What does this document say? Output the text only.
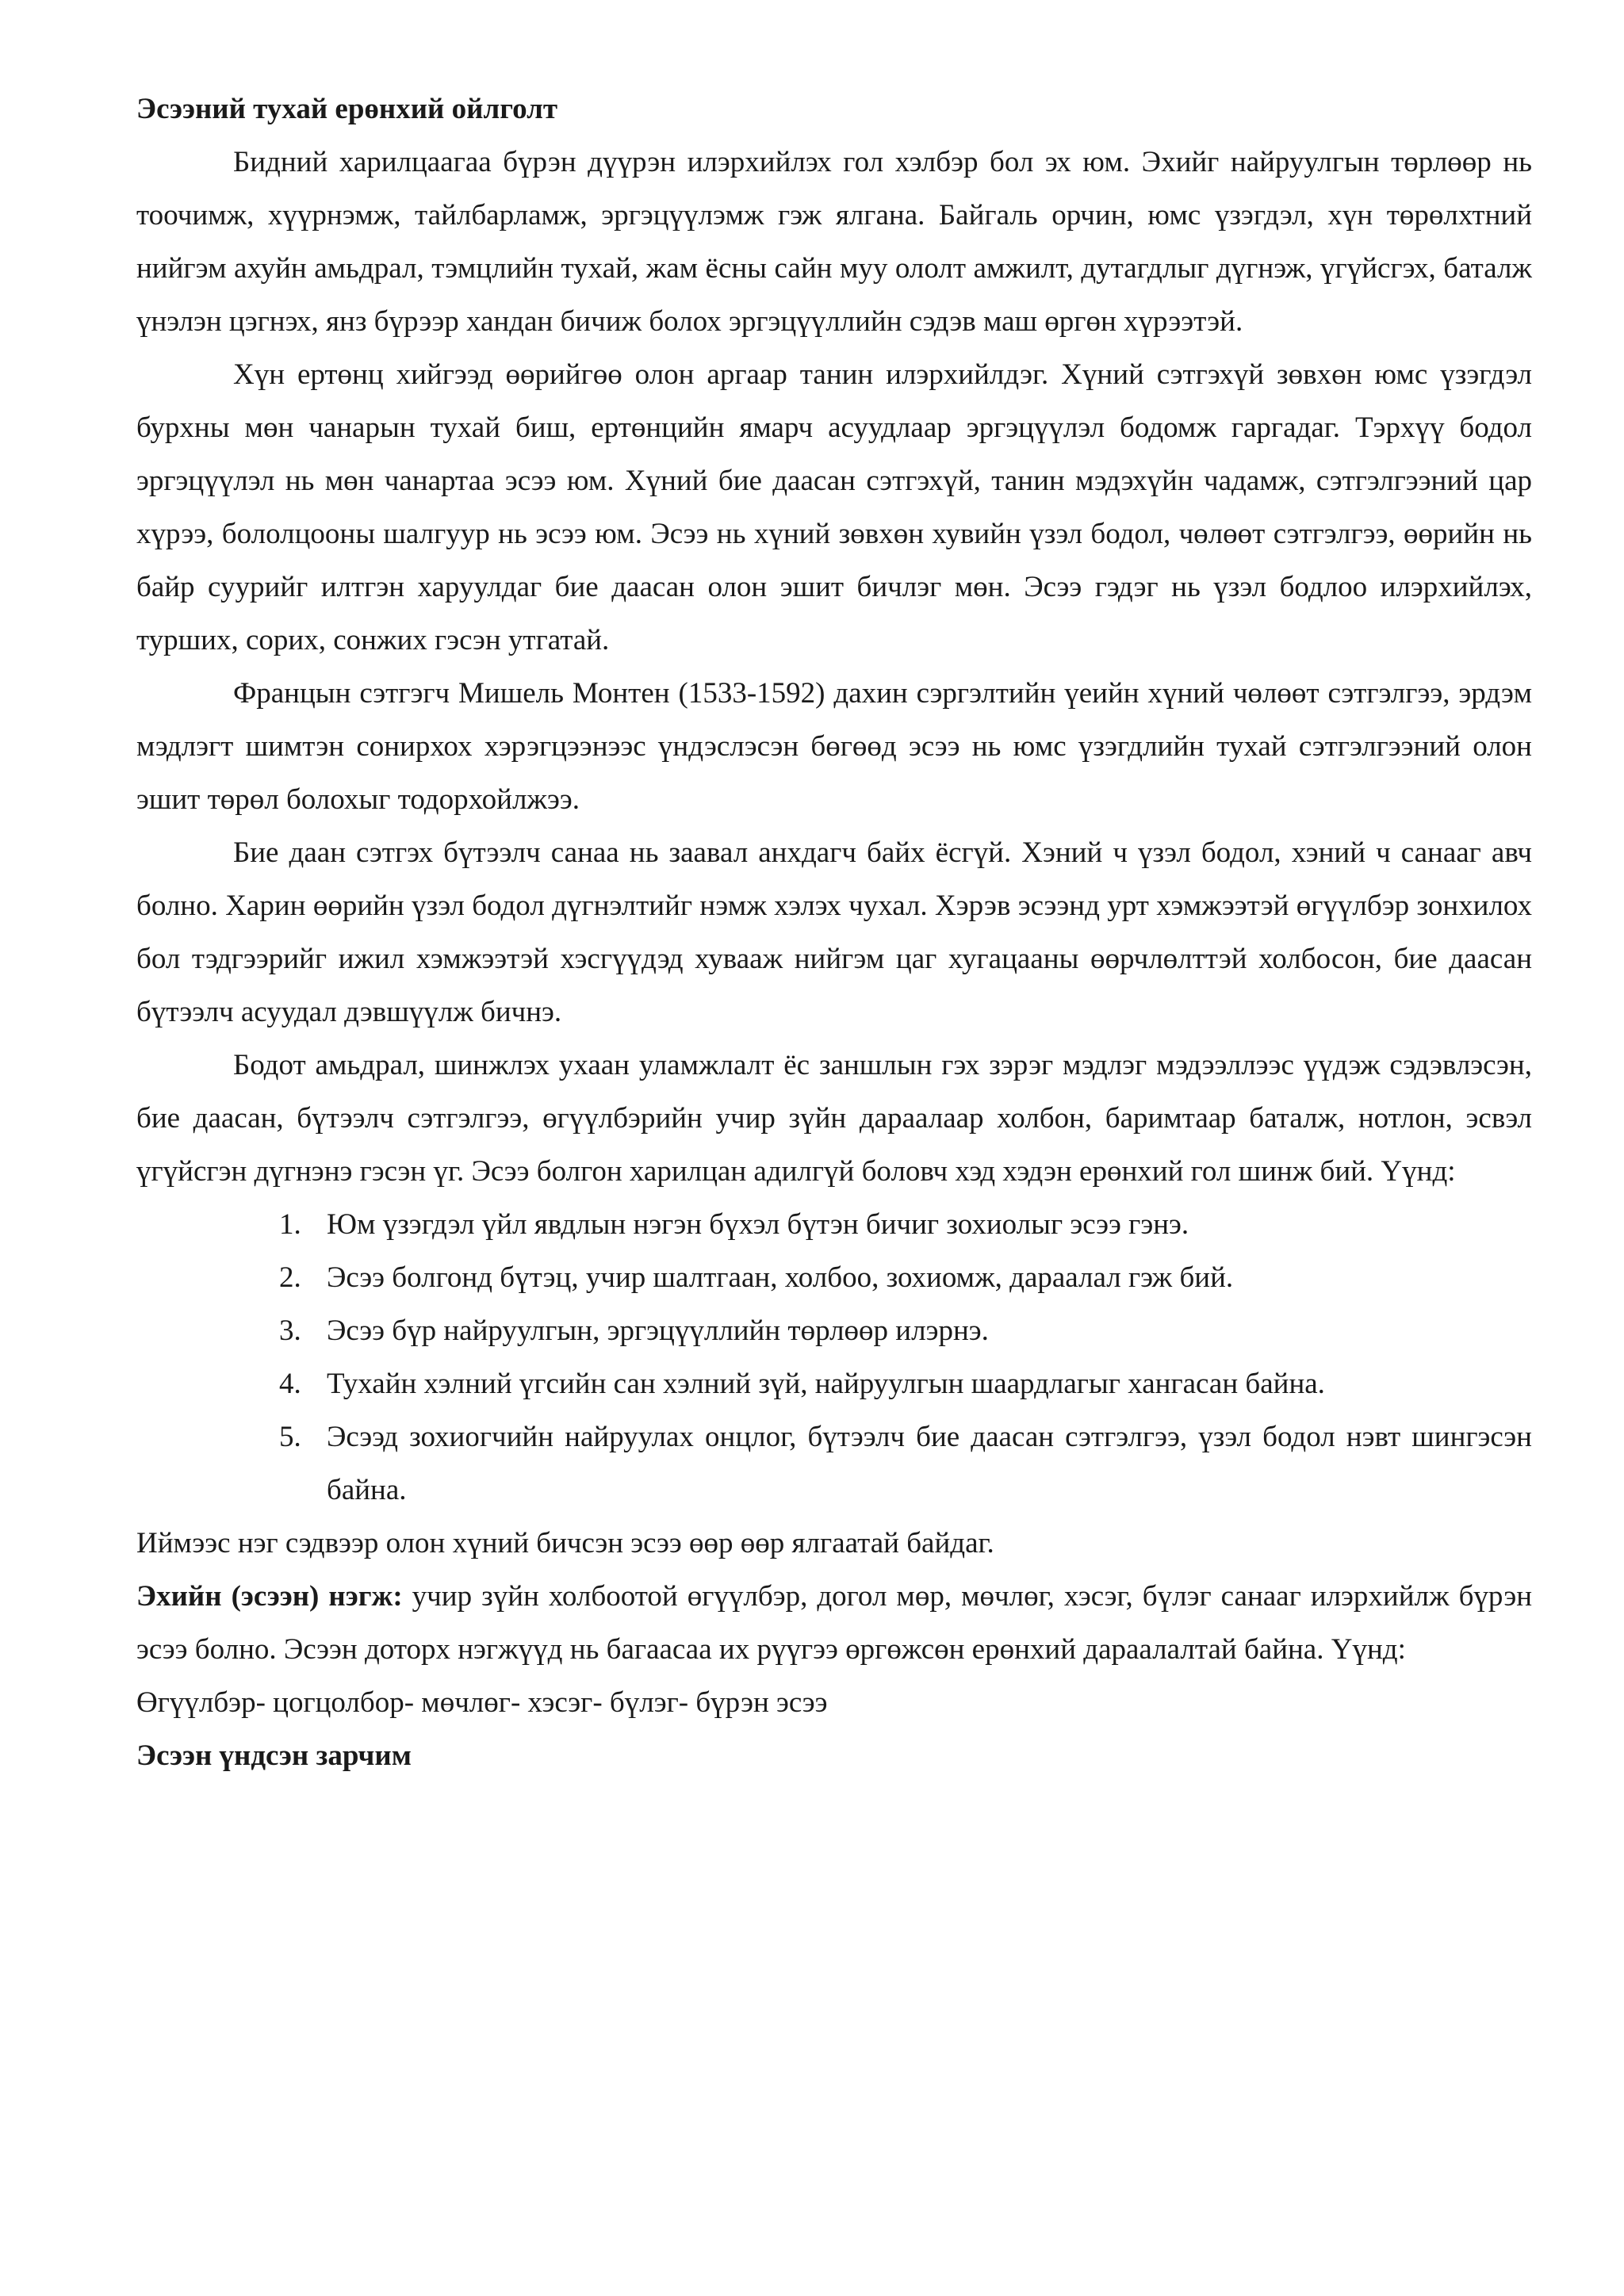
Эсээний тухай ерөнхий ойлголт

Бидний харилцаагаа бүрэн дүүрэн илэрхийлэх гол хэлбэр бол эх юм. Эхийг найруулгын төрлөөр нь тоочимж, хүүрнэмж, тайлбарламж, эргэцүүлэмж гэж ялгана. Байгаль орчин, юмс үзэгдэл, хүн төрөлхтний нийгэм ахуйн амьдрал, тэмцлийн тухай, жам ёсны сайн муу ололт амжилт, дутагдлыг дүгнэж, үгүйсгэх, баталж үнэлэн цэгнэх, янз бүрээр хандан бичиж болох эргэцүүллийн сэдэв маш өргөн хүрээтэй.

Хүн ертөнц хийгээд өөрийгөө олон аргаар танин илэрхийлдэг. Хүний сэтгэхүй зөвхөн юмс үзэгдэл бурхны мөн чанарын тухай биш, ертөнцийн ямарч асуудлаар эргэцүүлэл бодомж гаргадаг. Тэрхүү бодол эргэцүүлэл нь мөн чанартаа эсээ юм. Хүний бие даасан сэтгэхүй, танин мэдэхүйн чадамж, сэтгэлгээний цар хүрээ, бололцооны шалгуур нь эсээ юм. Эсээ нь хүний зөвхөн хувийн үзэл бодол, чөлөөт сэтгэлгээ, өөрийн нь байр суурийг илтгэн харуулдаг бие даасан олон эшит бичлэг мөн. Эсээ гэдэг нь үзэл бодлоо илэрхийлэх, турших, сорих, сонжих гэсэн утгатай.

Францын сэтгэгч Мишель Монтен (1533-1592) дахин сэргэлтийн үеийн хүний чөлөөт сэтгэлгээ, эрдэм мэдлэгт шимтэн сонирхох хэрэгцээнээс үндэслэсэн бөгөөд эсээ нь юмс үзэгдлийн тухай сэтгэлгээний олон эшит төрөл болохыг тодорхойлжээ.

Бие даан сэтгэх бүтээлч санаа нь заавал анхдагч байх ёсгүй. Хэний ч үзэл бодол, хэний ч санааг авч болно. Харин өөрийн үзэл бодол дүгнэлтийг нэмж хэлэх чухал. Хэрэв эсээнд урт хэмжээтэй өгүүлбэр зонхилох бол тэдгээрийг ижил хэмжээтэй хэсгүүдэд хувааж нийгэм цаг хугацааны өөрчлөлттэй холбосон, бие даасан бүтээлч асуудал дэвшүүлж бичнэ.

Бодот амьдрал, шинжлэх ухаан уламжлалт ёс заншлын гэх зэрэг мэдлэг мэдээллээс үүдэж сэдэвлэсэн, бие даасан, бүтээлч сэтгэлгээ, өгүүлбэрийн учир зүйн дараалаар холбон, баримтаар баталж, нотлон, эсвэл үгүйсгэн дүгнэнэ гэсэн үг. Эсээ болгон харилцан адилгүй боловч хэд хэдэн ерөнхий гол шинж бий. Үүнд:

1. Юм үзэгдэл үйл явдлын нэгэн бүхэл бүтэн бичиг зохиолыг эсээ гэнэ.
2. Эсээ болгонд бүтэц, учир шалтгаан, холбоо, зохиомж, дараалал гэж бий.
3. Эсээ бүр найруулгын, эргэцүүллийн төрлөөр илэрнэ.
4. Тухайн хэлний үгсийн сан хэлний зүй, найруулгын шаардлагыг хангасан байна.
5. Эсээд зохиогчийн найруулах онцлог, бүтээлч бие даасан сэтгэлгээ, үзэл бодол нэвт шингэсэн байна.

Иймээс нэг сэдвээр олон хүний бичсэн эсээ өөр өөр ялгаатай байдаг.

Эхийн (эсээн) нэгж: учир зүйн холбоотой өгүүлбэр, догол мөр, мөчлөг, хэсэг, бүлэг санааг илэрхийлж бүрэн эсээ болно. Эсээн доторх нэгжүүд нь багаасаа их рүүгээ өргөжсөн ерөнхий дараалалтай байна. Үүнд:

Өгүүлбэр- цогцолбор- мөчлөг- хэсэг- бүлэг- бүрэн эсээ

Эсээн үндсэн зарчим
